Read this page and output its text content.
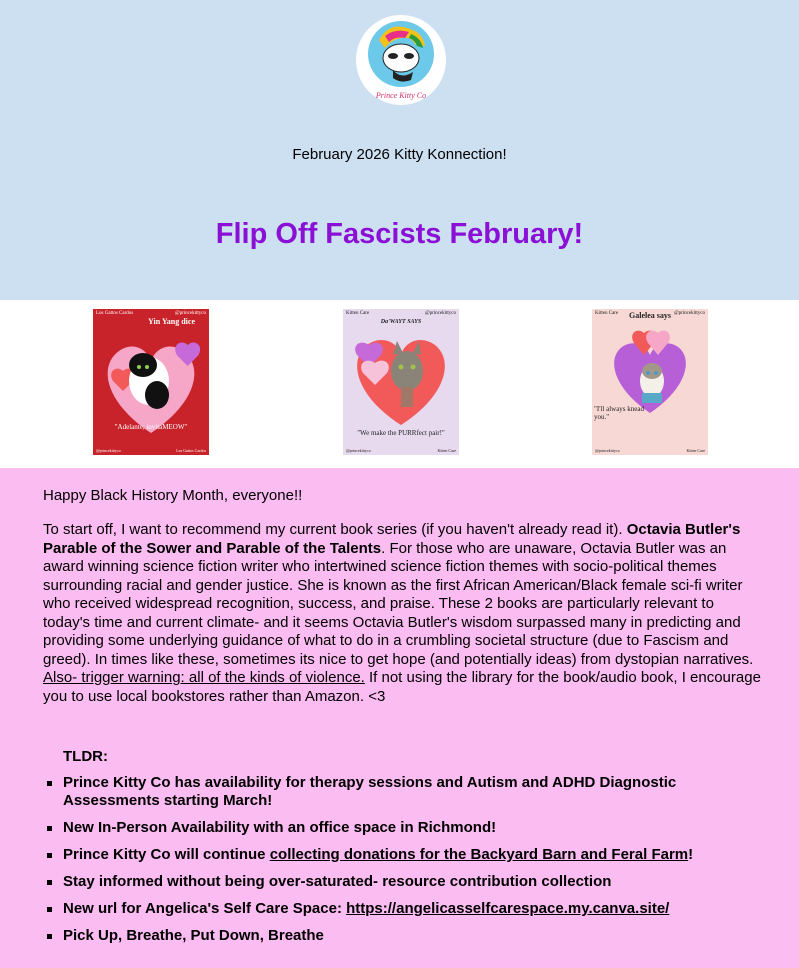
Prince Kitty Co
February 2026 Kitty Konnection!
Flip Off Fascists February!
Los Gattos Cardos	@princekittyco
Yin Yang dice
"Adelante, invitaMEOW"
@princekittyco	Los Gattos Cardos
Kitten Care	@princekittyco
Da'WAYT SAYS
"We make the PURRfect pair!"
@princekittyco	Kitten Care
Kitten Care	@princekittyco
Galelea says
"I'll always knead you."
@princekittyco	Kitten Care

Happy Black History Month, everyone!!

To start off, I want to recommend my current book series (if you haven't already read it). Octavia Butler's Parable of the Sower and Parable of the Talents. For those who are unaware, Octavia Butler was an award winning science fiction writer who intertwined science fiction themes with socio-political themes surrounding racial and gender justice. She is known as the first African American/Black female sci-fi writer who received widespread recognition, success, and praise. These 2 books are particularly relevant to today's time and current climate- and it seems Octavia Butler's wisdom surpassed many in predicting and providing some underlying guidance of what to do in a crumbling societal structure (due to Fascism and greed). In times like these, sometimes its nice to get hope (and potentially ideas) from dystopian narratives. Also- trigger warning: all of the kinds of violence. If not using the library for the book/audio book, I encourage you to use local bookstores rather than Amazon. <3

TLDR:
Prince Kitty Co has availability for therapy sessions and Autism and ADHD Diagnostic Assessments starting March!
New In-Person Availability with an office space in Richmond!
Prince Kitty Co will continue collecting donations for the Backyard Barn and Feral Farm!
Stay informed without being over-saturated- resource contribution collection
New url for Angelica's Self Care Space: https://angelicasselfcarespace.my.canva.site/
Pick Up, Breathe, Put Down, Breathe
